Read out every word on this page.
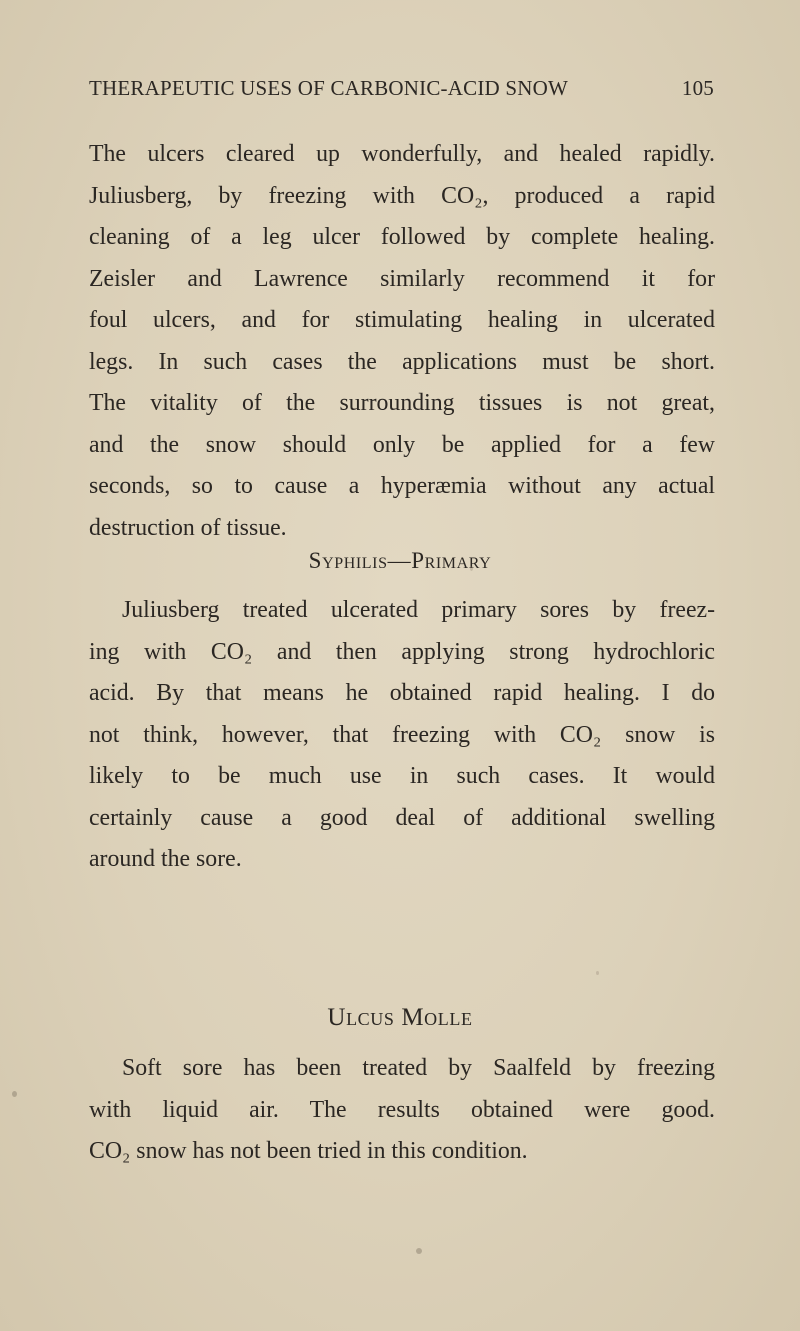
THERAPEUTIC USES OF CARBONIC-ACID SNOW	105
The ulcers cleared up wonderfully, and healed rapidly.
Juliusberg, by freezing with CO₂, produced a rapid
cleaning of a leg ulcer followed by complete healing.
Zeisler and Lawrence similarly recommend it for
foul ulcers, and for stimulating healing in ulcerated
legs. In such cases the applications must be short.
The vitality of the surrounding tissues is not great,
and the snow should only be applied for a few
seconds, so to cause a hyperæmia without any actual
destruction of tissue.
Syphilis—Primary
Juliusberg treated ulcerated primary sores by freez-
ing with CO₂ and then applying strong hydrochloric
acid. By that means he obtained rapid healing. I do
not think, however, that freezing with CO₂ snow is
likely to be much use in such cases. It would
certainly cause a good deal of additional swelling
around the sore.
Ulcus Molle
Soft sore has been treated by Saalfeld by freezing
with liquid air. The results obtained were good.
CO₂ snow has not been tried in this condition.
